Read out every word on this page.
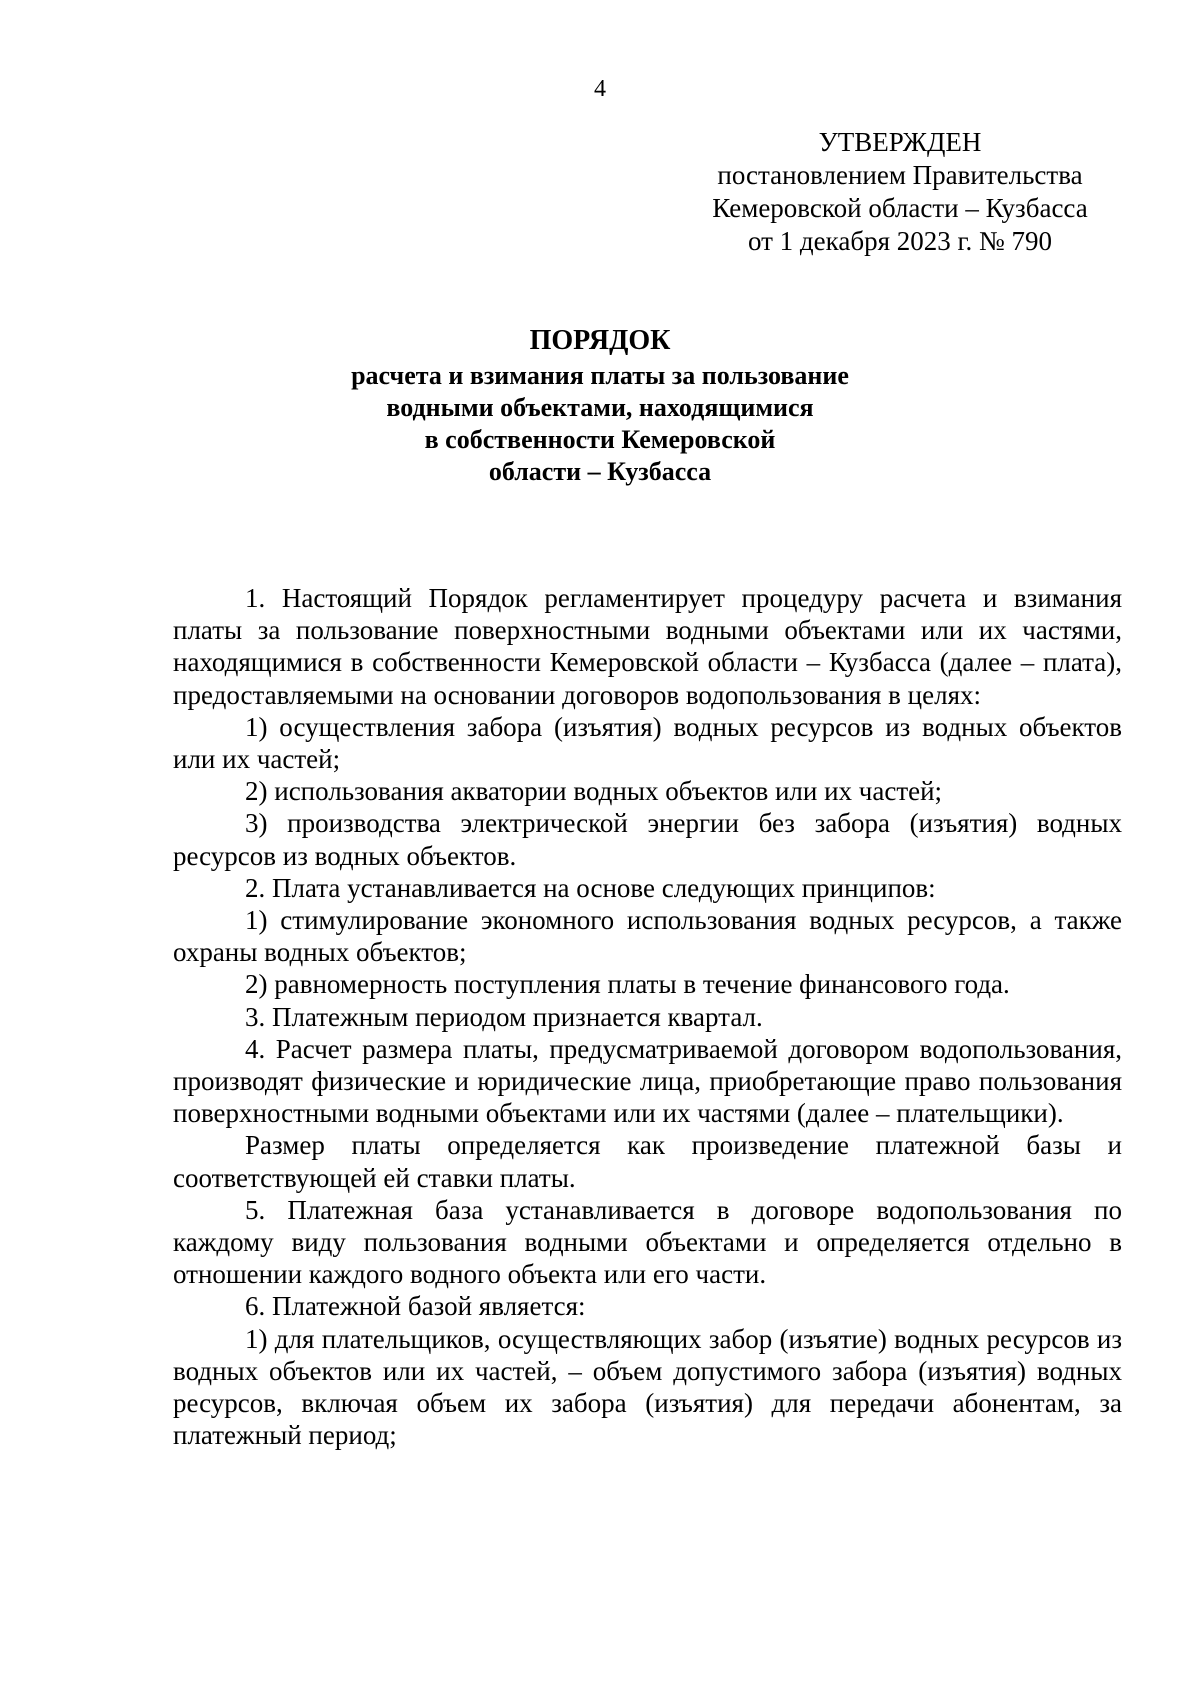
4
УТВЕРЖДЕН
постановлением Правительства
Кемеровской области – Кузбасса
от 1 декабря 2023 г. № 790
ПОРЯДОК
расчета и взимания платы за пользование
водными объектами, находящимися
в собственности Кемеровской
области – Кузбасса

1. Настоящий Порядок регламентирует процедуру расчета и взимания платы за пользование поверхностными водными объектами или их частями, находящимися в собственности Кемеровской области – Кузбасса (далее – плата), предоставляемыми на основании договоров водопользования в целях:

1) осуществления забора (изъятия) водных ресурсов из водных объектов или их частей;

2) использования акватории водных объектов или их частей;

3) производства электрической энергии без забора (изъятия) водных ресурсов из водных объектов.

2. Плата устанавливается на основе следующих принципов:

1) стимулирование экономного использования водных ресурсов, а также охраны водных объектов;

2) равномерность поступления платы в течение финансового года.

3. Платежным периодом признается квартал.

4. Расчет размера платы, предусматриваемой договором водопользования, производят физические и юридические лица, приобретающие право пользования поверхностными водными объектами или их частями (далее – плательщики).

Размер платы определяется как произведение платежной базы и соответствующей ей ставки платы.

5. Платежная база устанавливается в договоре водопользования по каждому виду пользования водными объектами и определяется отдельно в отношении каждого водного объекта или его части.

6. Платежной базой является:

1) для плательщиков, осуществляющих забор (изъятие) водных ресурсов из водных объектов или их частей, – объем допустимого забора (изъятия) водных ресурсов, включая объем их забора (изъятия) для передачи абонентам, за платежный период;
